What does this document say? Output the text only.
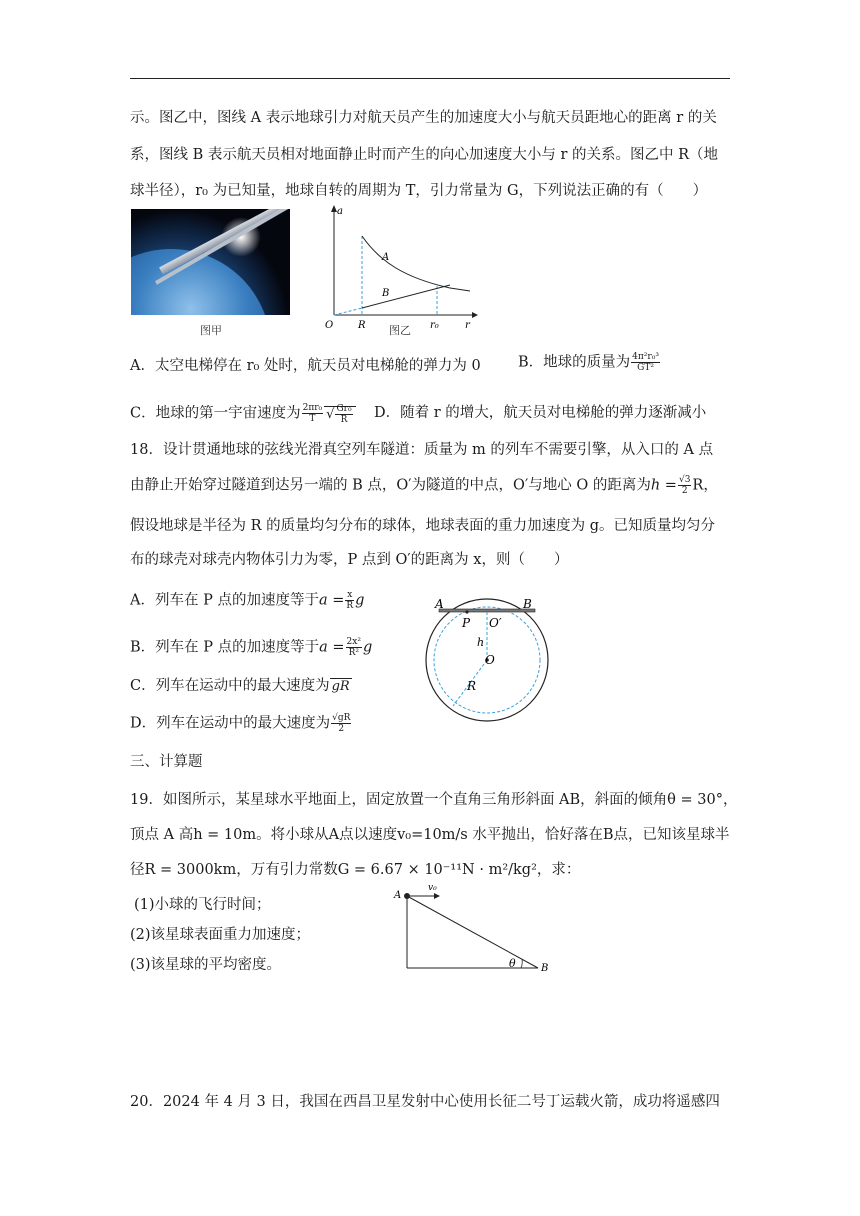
示。图乙中，图线 A 表示地球引力对航天员产生的加速度大小与航天员距地心的距离 r 的关
系，图线 B 表示航天员相对地面静止时而产生的向心加速度大小与 r 的关系。图乙中 R（地
球半径），r₀ 为已知量，地球自转的周期为 T，引力常量为 G，下列说法正确的有（　　）
图甲
a
r
O R	r₀
A
B
图乙
A．太空电梯停在 r₀ 处时，航天员对电梯舱的弹力为 0	B．地球的质量为 $\frac{\text{4π²r₀³}}{\text{GT²}}$
C．地球的第一宇宙速度为 $\frac{\text{2πr₀}}{T}$ √ $\frac{\text{Gr₀}}{R}$ D．随着 r 的增大，航天员对电梯舱的弹力逐渐减小
18．设计贯通地球的弦线光滑真空列车隧道：质量为 m 的列车不需要引擎，从入口的 A 点
由静止开始穿过隧道到达另一端的 B 点，O′为隧道的中点，O′与地心 O 的距离为$h = \frac{√3}{2}$ R，
假设地球是半径为 R 的质量均匀分布的球体，地球表面的重力加速度为 g。已知质量均匀分
布的球壳对球壳内物体引力为零，P 点到 O′的距离为 x，则（　　）
A．列车在 P 点的加速度等于$a = \frac{x}{R}$ g
B．列车在 P 点的加速度等于$a = \frac{\text{2x²}}{\text{R²}}$ g
C．列车在运动中的最大速度为 gR
D．列车在运动中的最大速度为 $\frac{√gR}{2}$
A	B
P O′
h
O
R
三、计算题
19．如图所示，某星球水平地面上，固定放置一个直角三角形斜面 AB，斜面的倾角θ = 30°，
顶点 A 高h = 10m。将小球从A点以速度v₀=10m/s 水平抛出，恰好落在B点，已知该星球半
径R = 3000km，万有引力常数G = 6.67 × 10⁻¹¹N · m²/kg²，求：
(1)小球的飞行时间；
(2)该星球表面重力加速度；
(3)该星球的平均密度。
A
v₀
θ	B
20．2024 年 4 月 3 日，我国在西昌卫星发射中心使用长征二号丁运载火箭，成功将遥感四
